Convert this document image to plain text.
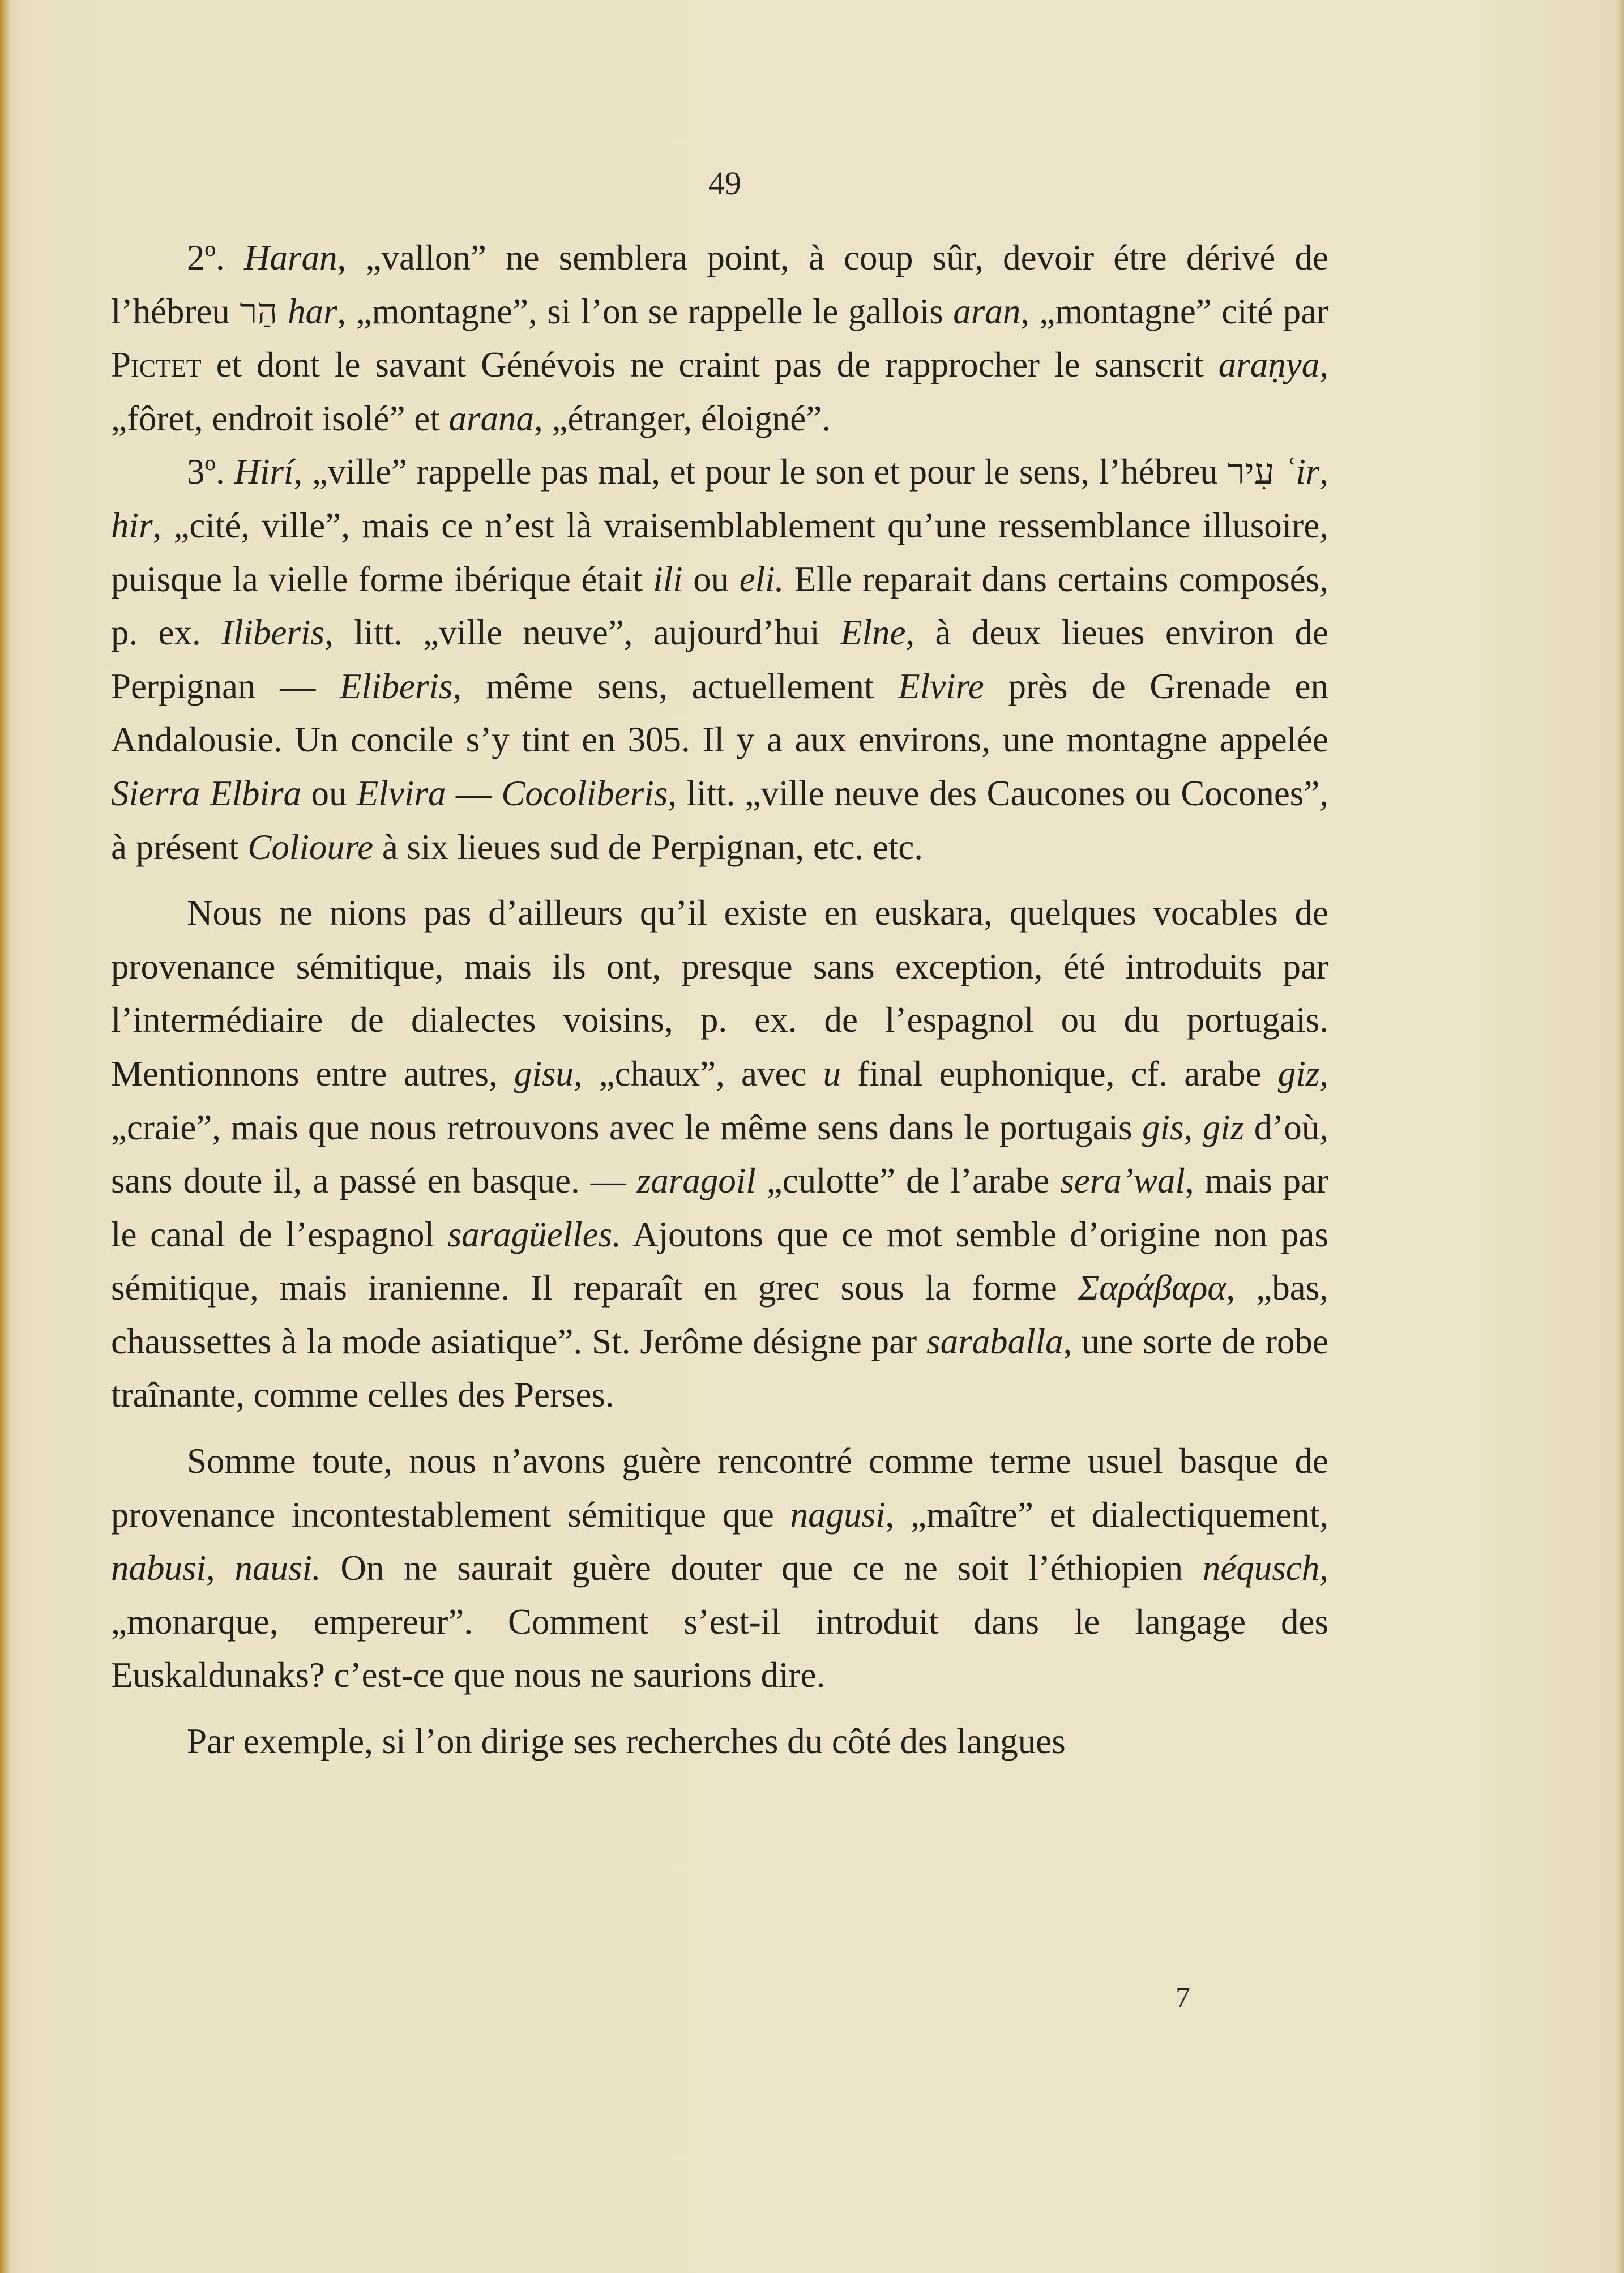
49

2º. Haran, „vallon” ne semblera point, à coup sûr, devoir étre dérivé de l’hébreu הַר har, „montagne”, si l’on se rappelle le gallois aran, „montagne” cité par Pictet et dont le savant Génévois ne craint pas de rapprocher le sanscrit araṇya, „fôret, endroit isolé” et arana, „étranger, éloigné”.

3º. Hirí, „ville” rappelle pas mal, et pour le son et pour le sens, l’hébreu עִיר ʿir, hir, „cité, ville”, mais ce n’est là vraisemblablement qu’une ressemblance illusoire, puisque la vielle forme ibérique était ili ou eli. Elle reparait dans certains composés, p. ex. Iliberis, litt. „ville neuve”, aujourd’hui Elne, à deux lieues environ de Perpignan — Eliberis, même sens, actuellement Elvire près de Grenade en Andalousie. Un concile s’y tint en 305. Il y a aux environs, une montagne appelée Sierra Elbira ou Elvira — Cocoliberis, litt. „ville neuve des Caucones ou Cocones”, à présent Colioure à six lieues sud de Perpignan, etc. etc.

Nous ne nions pas d’ailleurs qu’il existe en euskara, quelques vocables de provenance sémitique, mais ils ont, presque sans exception, été introduits par l’intermédiaire de dialectes voisins, p. ex. de l’espagnol ou du portugais. Mentionnons entre autres, gisu, „chaux”, avec u final euphonique, cf. arabe giz, „craie”, mais que nous retrouvons avec le même sens dans le portugais gis, giz d’où, sans doute il, a passé en basque. — zaragoil „culotte” de l’arabe sera’wal, mais par le canal de l’espagnol saragüelles. Ajoutons que ce mot semble d’origine non pas sémitique, mais iranienne. Il reparaît en grec sous la forme Σαράβαρα, „bas, chaussettes à la mode asiatique”. St. Jerôme désigne par saraballa, une sorte de robe traînante, comme celles des Perses.

Somme toute, nous n’avons guère rencontré comme terme usuel basque de provenance incontestablement sémitique que nagusi, „maître” et dialectiquement, nabusi, nausi. On ne saurait guère douter que ce ne soit l’éthiopien néqusch, „monarque, empereur”. Comment s’est-il introduit dans le langage des Euskaldunaks? c’est-ce que nous ne saurions dire.

Par exemple, si l’on dirige ses recherches du côté des langues

7
